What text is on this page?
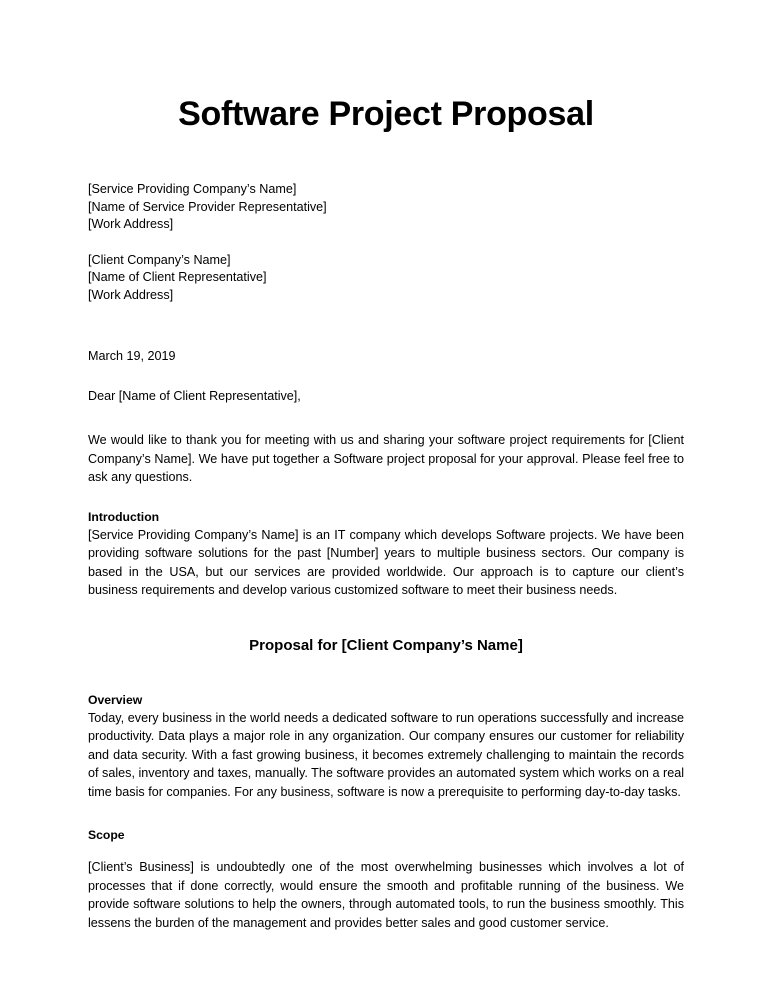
Software Project Proposal
[Service Providing Company’s Name]
[Name of Service Provider Representative]
[Work Address]
[Client Company’s Name]
[Name of Client Representative]
[Work Address]
March 19, 2019
Dear [Name of Client Representative],

We would like to thank you for meeting with us and sharing your software project requirements for [Client Company’s Name]. We have put together a Software project proposal for your approval. Please feel free to ask any questions.

Introduction

[Service Providing Company’s Name] is an IT company which develops Software projects. We have been providing software solutions for the past [Number] years to multiple business sectors. Our company is based in the USA, but our services are provided worldwide. Our approach is to capture our client’s business requirements and develop various customized software to meet their business needs.

Proposal for [Client Company’s Name]
Overview

Today, every business in the world needs a dedicated software to run operations successfully and increase productivity. Data plays a major role in any organization. Our company ensures our customer for reliability and data security. With a fast growing business, it becomes extremely challenging to maintain the records of sales, inventory and taxes, manually. The software provides an automated system which works on a real time basis for companies. For any business, software is now a prerequisite to performing day-to-day tasks.

Scope

[Client’s Business] is undoubtedly one of the most overwhelming businesses which involves a lot of processes that if done correctly, would ensure the smooth and profitable running of the business. We provide software solutions to help the owners, through automated tools, to run the business smoothly. This lessens the burden of the management and provides better sales and good customer service.
